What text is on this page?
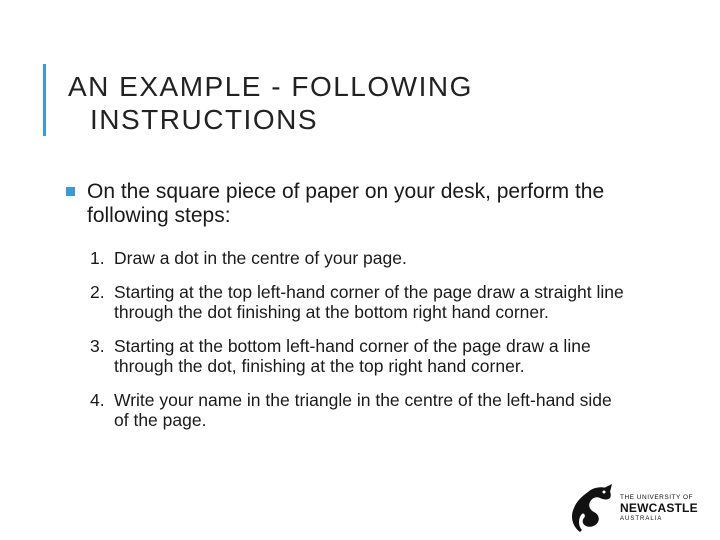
AN EXAMPLE - FOLLOWING
INSTRUCTIONS
On the square piece of paper on your desk, perform the following steps:
1. Draw a dot in the centre of your page.
2. Starting at the top left-hand corner of the page draw a straight line through the dot finishing at the bottom right hand corner.
3. Starting at the bottom left-hand corner of the page draw a line through the dot, finishing at the top right hand corner.
4. Write your name in the triangle in the centre of the left-hand side of the page.
THE UNIVERSITY OF
NEWCASTLE
AUSTRALIA
